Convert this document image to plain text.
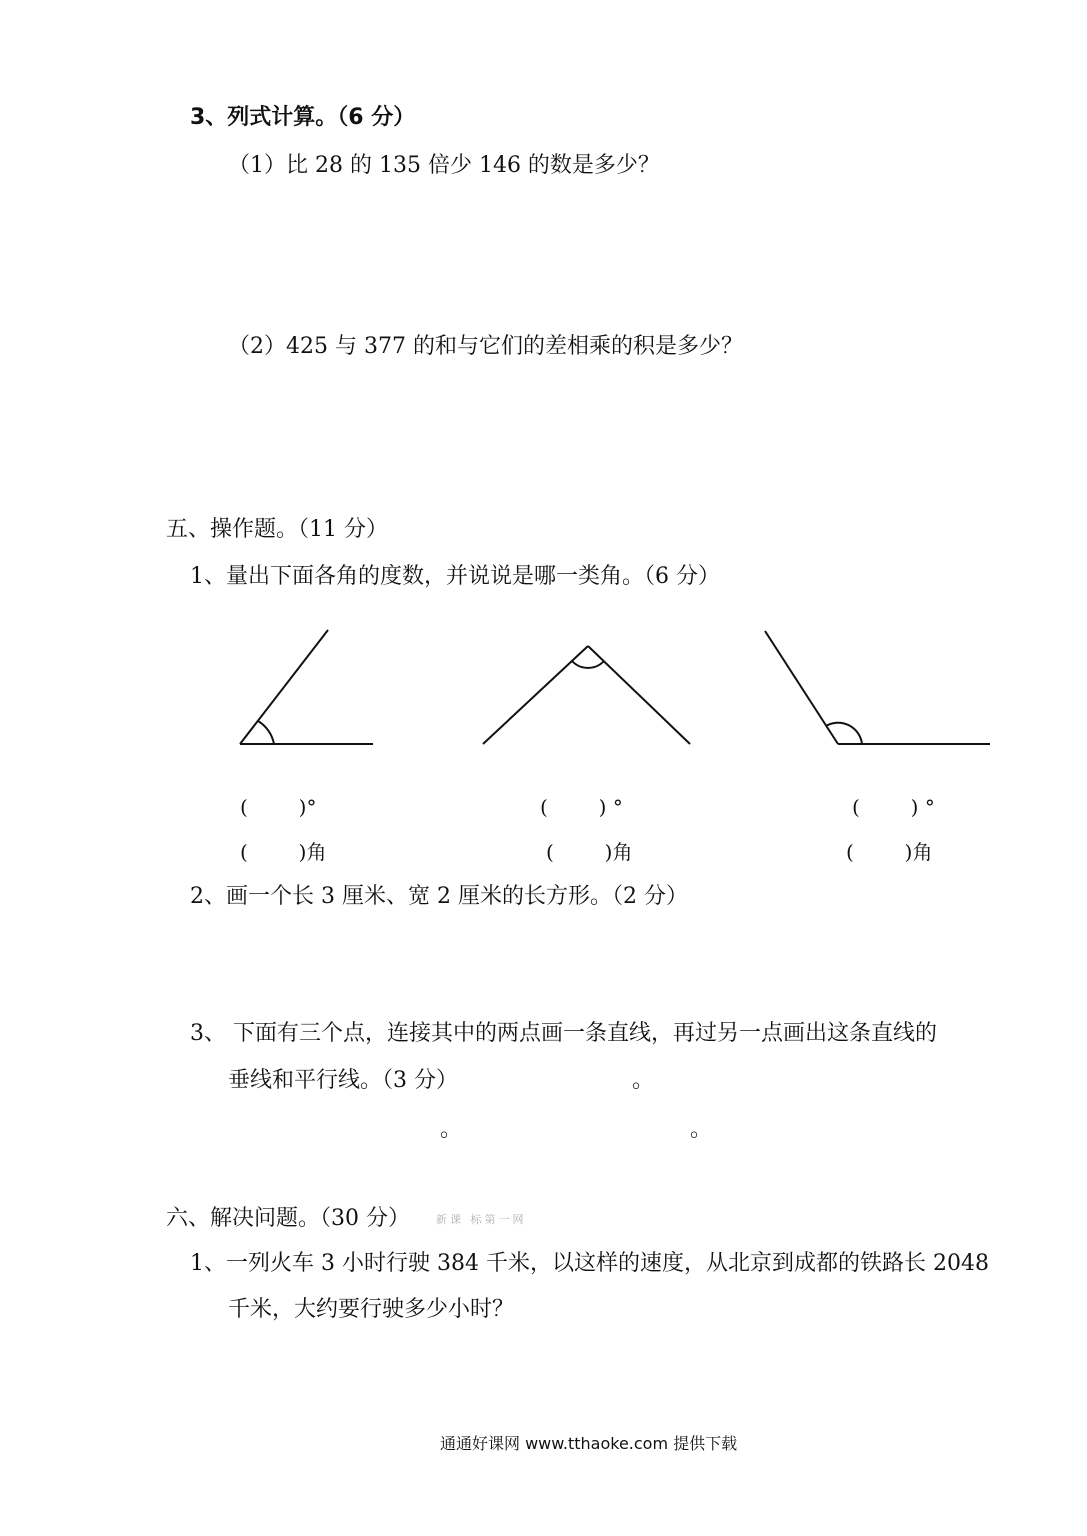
3、列式计算。（6 分）
（1）比 28 的 135 倍少 146 的数是多少？
（2）425 与 377 的和与它们的差相乘的积是多少？
五、操作题。（11 分）
1、量出下面各角的度数，并说说是哪一类角。（6 分）
(        )°
(        )角
(        ) °
(        )角
(        ) °
(        )角
2、画一个长 3 厘米、宽 2 厘米的长方形。（2 分）
3、 下面有三个点，连接其中的两点画一条直线，再过另一点画出这条直线的
垂线和平行线。（3 分）	。
。	。
六、解决问题。（30 分） 新课 标第一网
1、一列火车 3 小时行驶 384 千米，以这样的速度，从北京到成都的铁路长 2048
千米，大约要行驶多少小时？
通通好课网 www.tthaoke.com 提供下载
